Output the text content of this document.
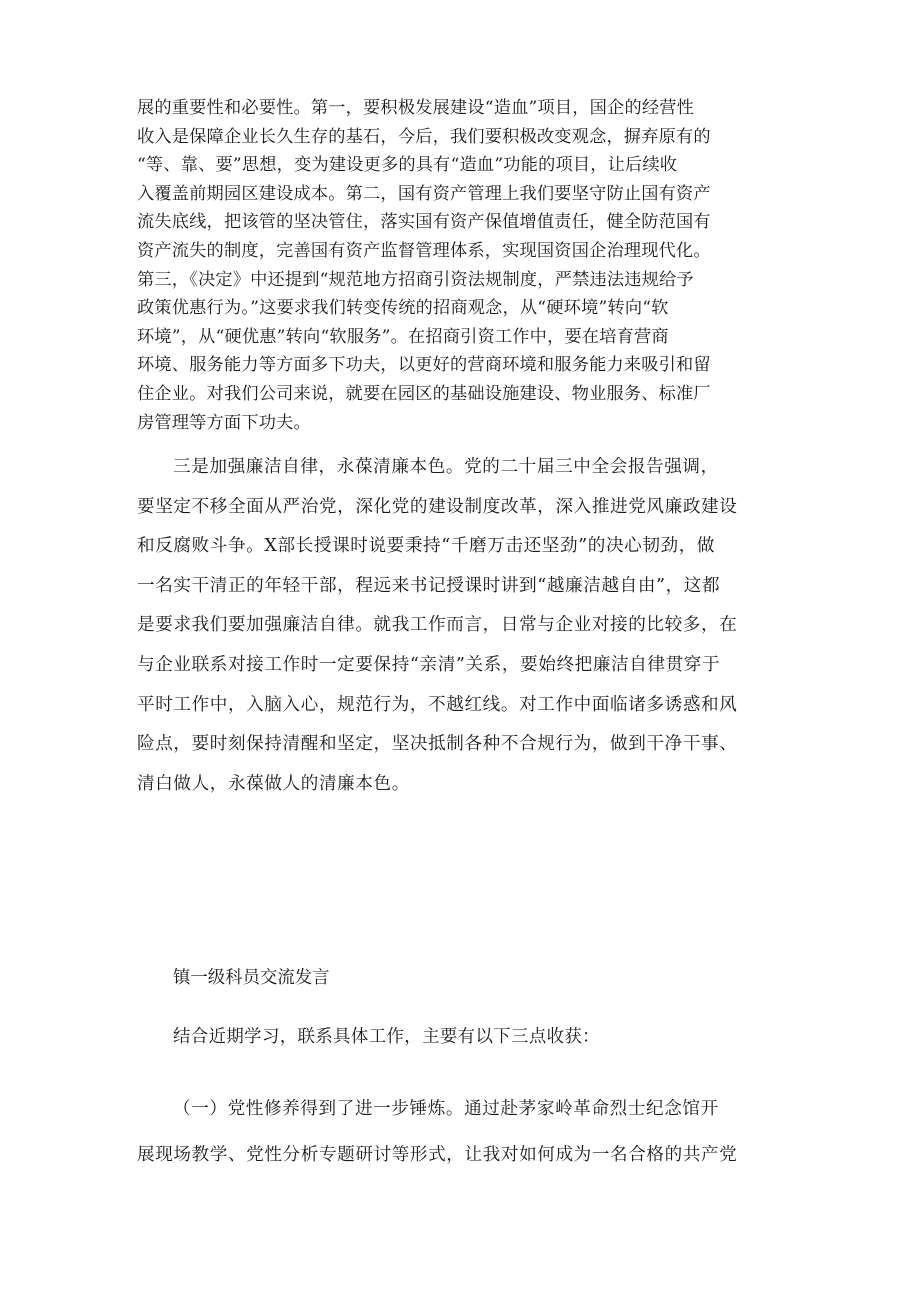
展的重要性和必要性。第一，要积极发展建设“造血”项目，国企的经营性
收入是保障企业长久生存的基石，今后，我们要积极改变观念，摒弃原有的
“等、靠、要”思想，变为建设更多的具有“造血”功能的项目，让后续收
入覆盖前期园区建设成本。第二，国有资产管理上我们要坚守防止国有资产
流失底线，把该管的坚决管住，落实国有资产保值增值责任，健全防范国有
资产流失的制度，完善国有资产监督管理体系，实现国资国企治理现代化。
第三，《决定》中还提到“规范地方招商引资法规制度，严禁违法违规给予
政策优惠行为。”这要求我们转变传统的招商观念，从“硬环境”转向“软
环境”，从“硬优惠”转向“软服务”。在招商引资工作中，要在培育营商
环境、服务能力等方面多下功夫，以更好的营商环境和服务能力来吸引和留
住企业。对我们公司来说，就要在园区的基础设施建设、物业服务、标准厂
房管理等方面下功夫。
三是加强廉洁自律，永葆清廉本色。党的二十届三中全会报告强调，
要坚定不移全面从严治党，深化党的建设制度改革，深入推进党风廉政建设
和反腐败斗争。X部长授课时说要秉持“千磨万击还坚劲”的决心韧劲，做
一名实干清正的年轻干部，程远来书记授课时讲到“越廉洁越自由”，这都
是要求我们要加强廉洁自律。就我工作而言，日常与企业对接的比较多，在
与企业联系对接工作时一定要保持“亲清”关系，要始终把廉洁自律贯穿于
平时工作中，入脑入心，规范行为，不越红线。对工作中面临诸多诱惑和风
险点，要时刻保持清醒和坚定，坚决抵制各种不合规行为，做到干净干事、
清白做人，永葆做人的清廉本色。

镇一级科员交流发言

结合近期学习，联系具体工作，主要有以下三点收获：

（一）党性修养得到了进一步锤炼。通过赴茅家岭革命烈士纪念馆开
展现场教学、党性分析专题研讨等形式，让我对如何成为一名合格的共产党
